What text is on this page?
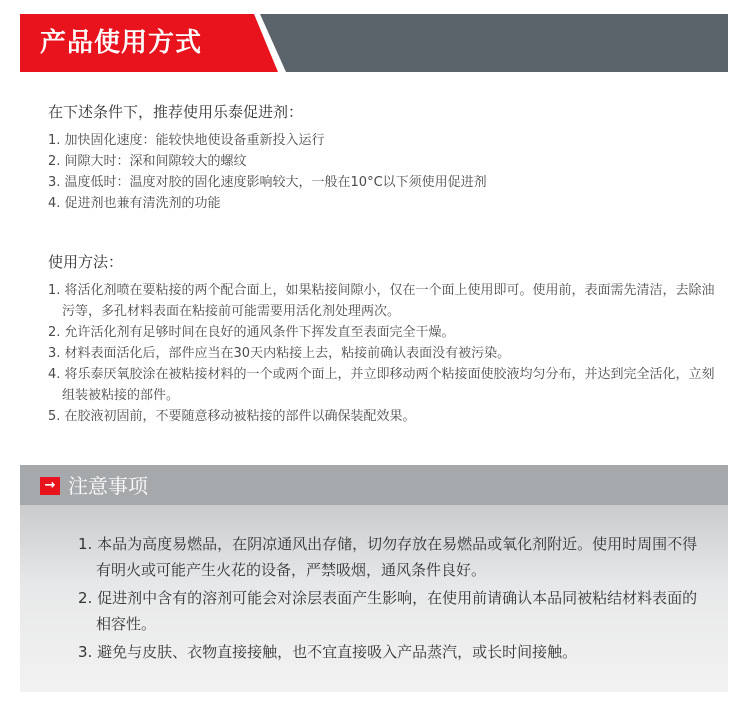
产品使用方式
在下述条件下，推荐使用乐泰促进剂：
1. 加快固化速度：能较快地使设备重新投入运行
2. 间隙大时：深和间隙较大的螺纹
3. 温度低时：温度对胶的固化速度影响较大，一般在10°C以下须使用促进剂
4. 促进剂也兼有清洗剂的功能
使用方法：
1. 将活化剂喷在要粘接的两个配合面上，如果粘接间隙小，仅在一个面上使用即可。使用前，表面需先清洁，去除油污等，多孔材料表面在粘接前可能需要用活化剂处理两次。
2. 允许活化剂有足够时间在良好的通风条件下挥发直至表面完全干燥。
3. 材料表面活化后，部件应当在30天内粘接上去，粘接前确认表面没有被污染。
4. 将乐泰厌氧胶涂在被粘接材料的一个或两个面上，并立即移动两个粘接面使胶液均匀分布，并达到完全活化，立刻组装被粘接的部件。
5. 在胶液初固前，不要随意移动被粘接的部件以确保装配效果。
→ 注意事项
1. 本品为高度易燃品，在阴凉通风出存储，切勿存放在易燃品或氧化剂附近。使用时周围不得有明火或可能产生火花的设备，严禁吸烟，通风条件良好。
2. 促进剂中含有的溶剂可能会对涂层表面产生影响，在使用前请确认本品同被粘结材料表面的相容性。
3. 避免与皮肤、衣物直接接触，也不宜直接吸入产品蒸汽，或长时间接触。
